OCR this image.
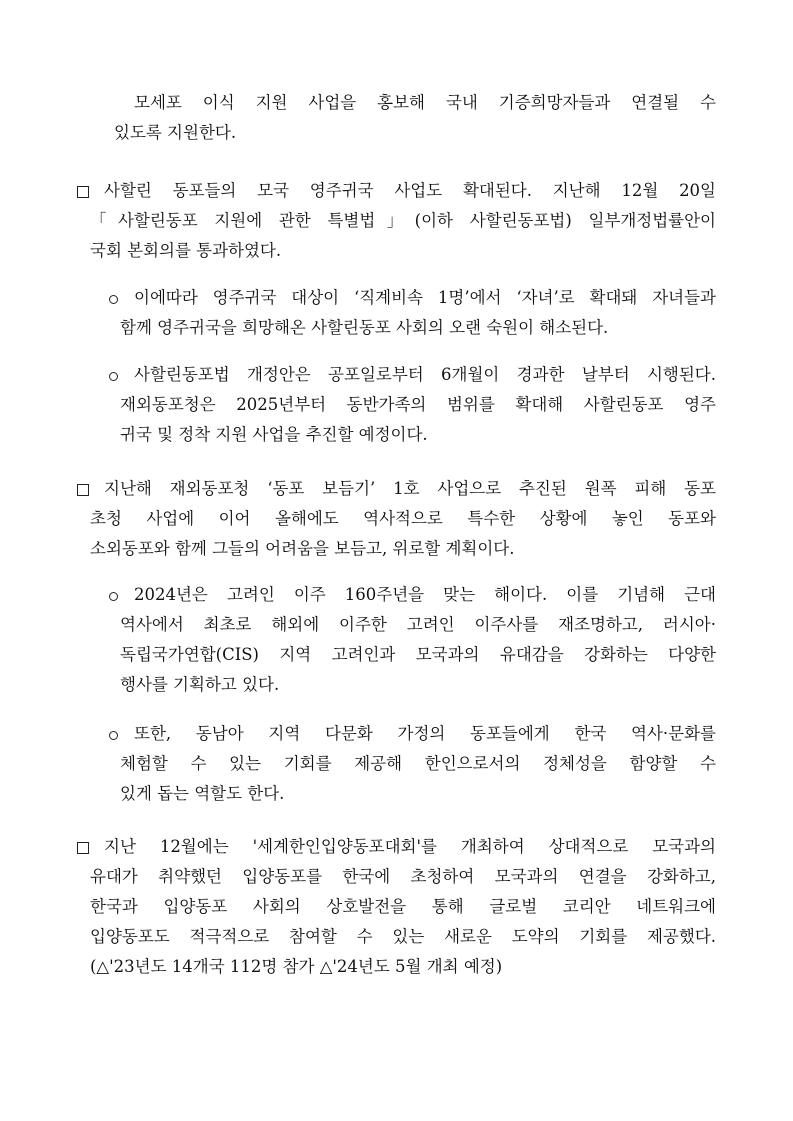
모세포 이식 지원 사업을 홍보해 국내 기증희망자들과 연결될 수

있도록 지원한다.

사할린 동포들의 모국 영주귀국 사업도 확대된다. 지난해 12월 20일

「사할린동포 지원에 관한 특별법」(이하 사할린동포법) 일부개정법률안이

국회 본회의를 통과하였다.

이에따라 영주귀국 대상이 ‘직계비속 1명’에서 ‘자녀’로 확대돼 자녀들과

함께 영주귀국을 희망해온 사할린동포 사회의 오랜 숙원이 해소된다.

사할린동포법 개정안은 공포일로부터 6개월이 경과한 날부터 시행된다.

재외동포청은 2025년부터 동반가족의 범위를 확대해 사할린동포 영주

귀국 및 정착 지원 사업을 추진할 예정이다.

지난해 재외동포청 ‘동포 보듬기’ 1호 사업으로 추진된 원폭 피해 동포

초청 사업에 이어 올해에도 역사적으로 특수한 상황에 놓인 동포와

소외동포와 함께 그들의 어려움을 보듬고, 위로할 계획이다.

2024년은 고려인 이주 160주년을 맞는 해이다. 이를 기념해 근대

역사에서 최초로 해외에 이주한 고려인 이주사를 재조명하고, 러시아·

독립국가연합(CIS) 지역 고려인과 모국과의 유대감을 강화하는 다양한

행사를 기획하고 있다.

또한, 동남아 지역 다문화 가정의 동포들에게 한국 역사·문화를

체험할 수 있는 기회를 제공해 한인으로서의 정체성을 함양할 수

있게 돕는 역할도 한다.

지난 12월에는 '세계한인입양동포대회'를 개최하여 상대적으로 모국과의

유대가 취약했던 입양동포를 한국에 초청하여 모국과의 연결을 강화하고,

한국과 입양동포 사회의 상호발전을 통해 글로벌 코리안 네트워크에

입양동포도 적극적으로 참여할 수 있는 새로운 도약의 기회를 제공했다.

(△'23년도 14개국 112명 참가 △'24년도 5월 개최 예정)
